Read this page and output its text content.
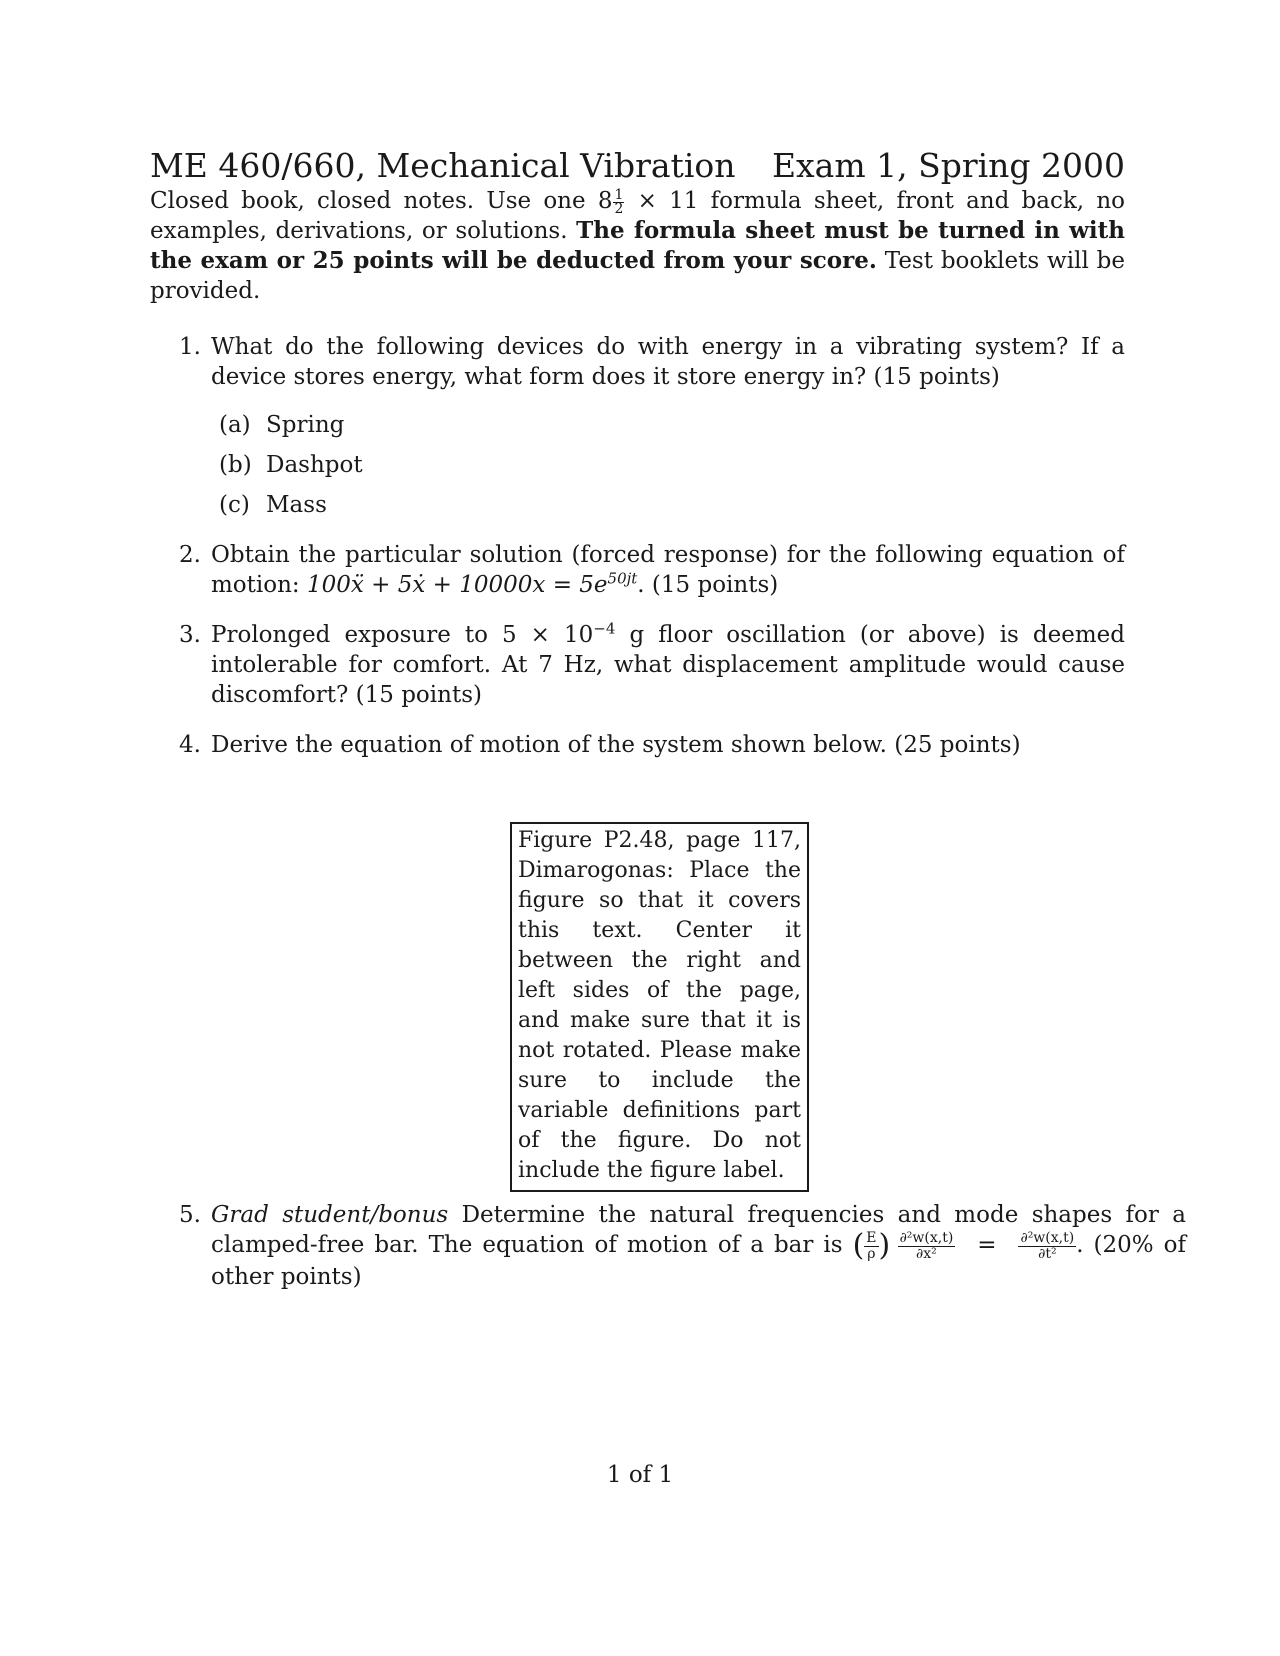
ME 460/660, Mechanical Vibration Exam 1, Spring 2000

Closed book, closed notes. Use one $8 \frac{1}{2} \times 11$ formula sheet, front and back, no examples, derivations, or solutions. The formula sheet must be turned in with the exam or 25 points will be deducted from your score. Test booklets will be provided.

1. What do the following devices do with energy in a vibrating system? If a device stores energy, what form does it store energy in? (15 points)
(a) Spring
(b) Dashpot
(c) Mass
2. Obtain the particular solution (forced response) for the following equation of motion: 100ẍ + 5ẋ + $10000x = 5e^{50jt}$. (15 points)
3. Prolonged exposure to $5 \times 10^{-4}$ g floor oscillation (or above) is deemed intolerable for comfort. At 7 Hz, what displacement amplitude would cause discomfort? (15 points)
4. Derive the equation of motion of the system shown below. (25 points)
Figure P2.48, page 117, Dimarogonas: Place the figure so that it covers this text. Center it between the right and left sides of the page, and make sure that it is not rotated. Please make sure to include the variable definitions part of the figure. Do not include the figure label.
5. Grad student/bonus Determine the natural frequencies and mode shapes for a clamped-free bar. The equation of motion of a bar is ( $\frac{E}{\rho}$ ) $\frac{\text{∂²w(x,t)}}{\text{∂x²}} = \frac{\text{∂²w(x,t)}}{\text{∂t²}}$ . (20% of other points)
1 of 1
